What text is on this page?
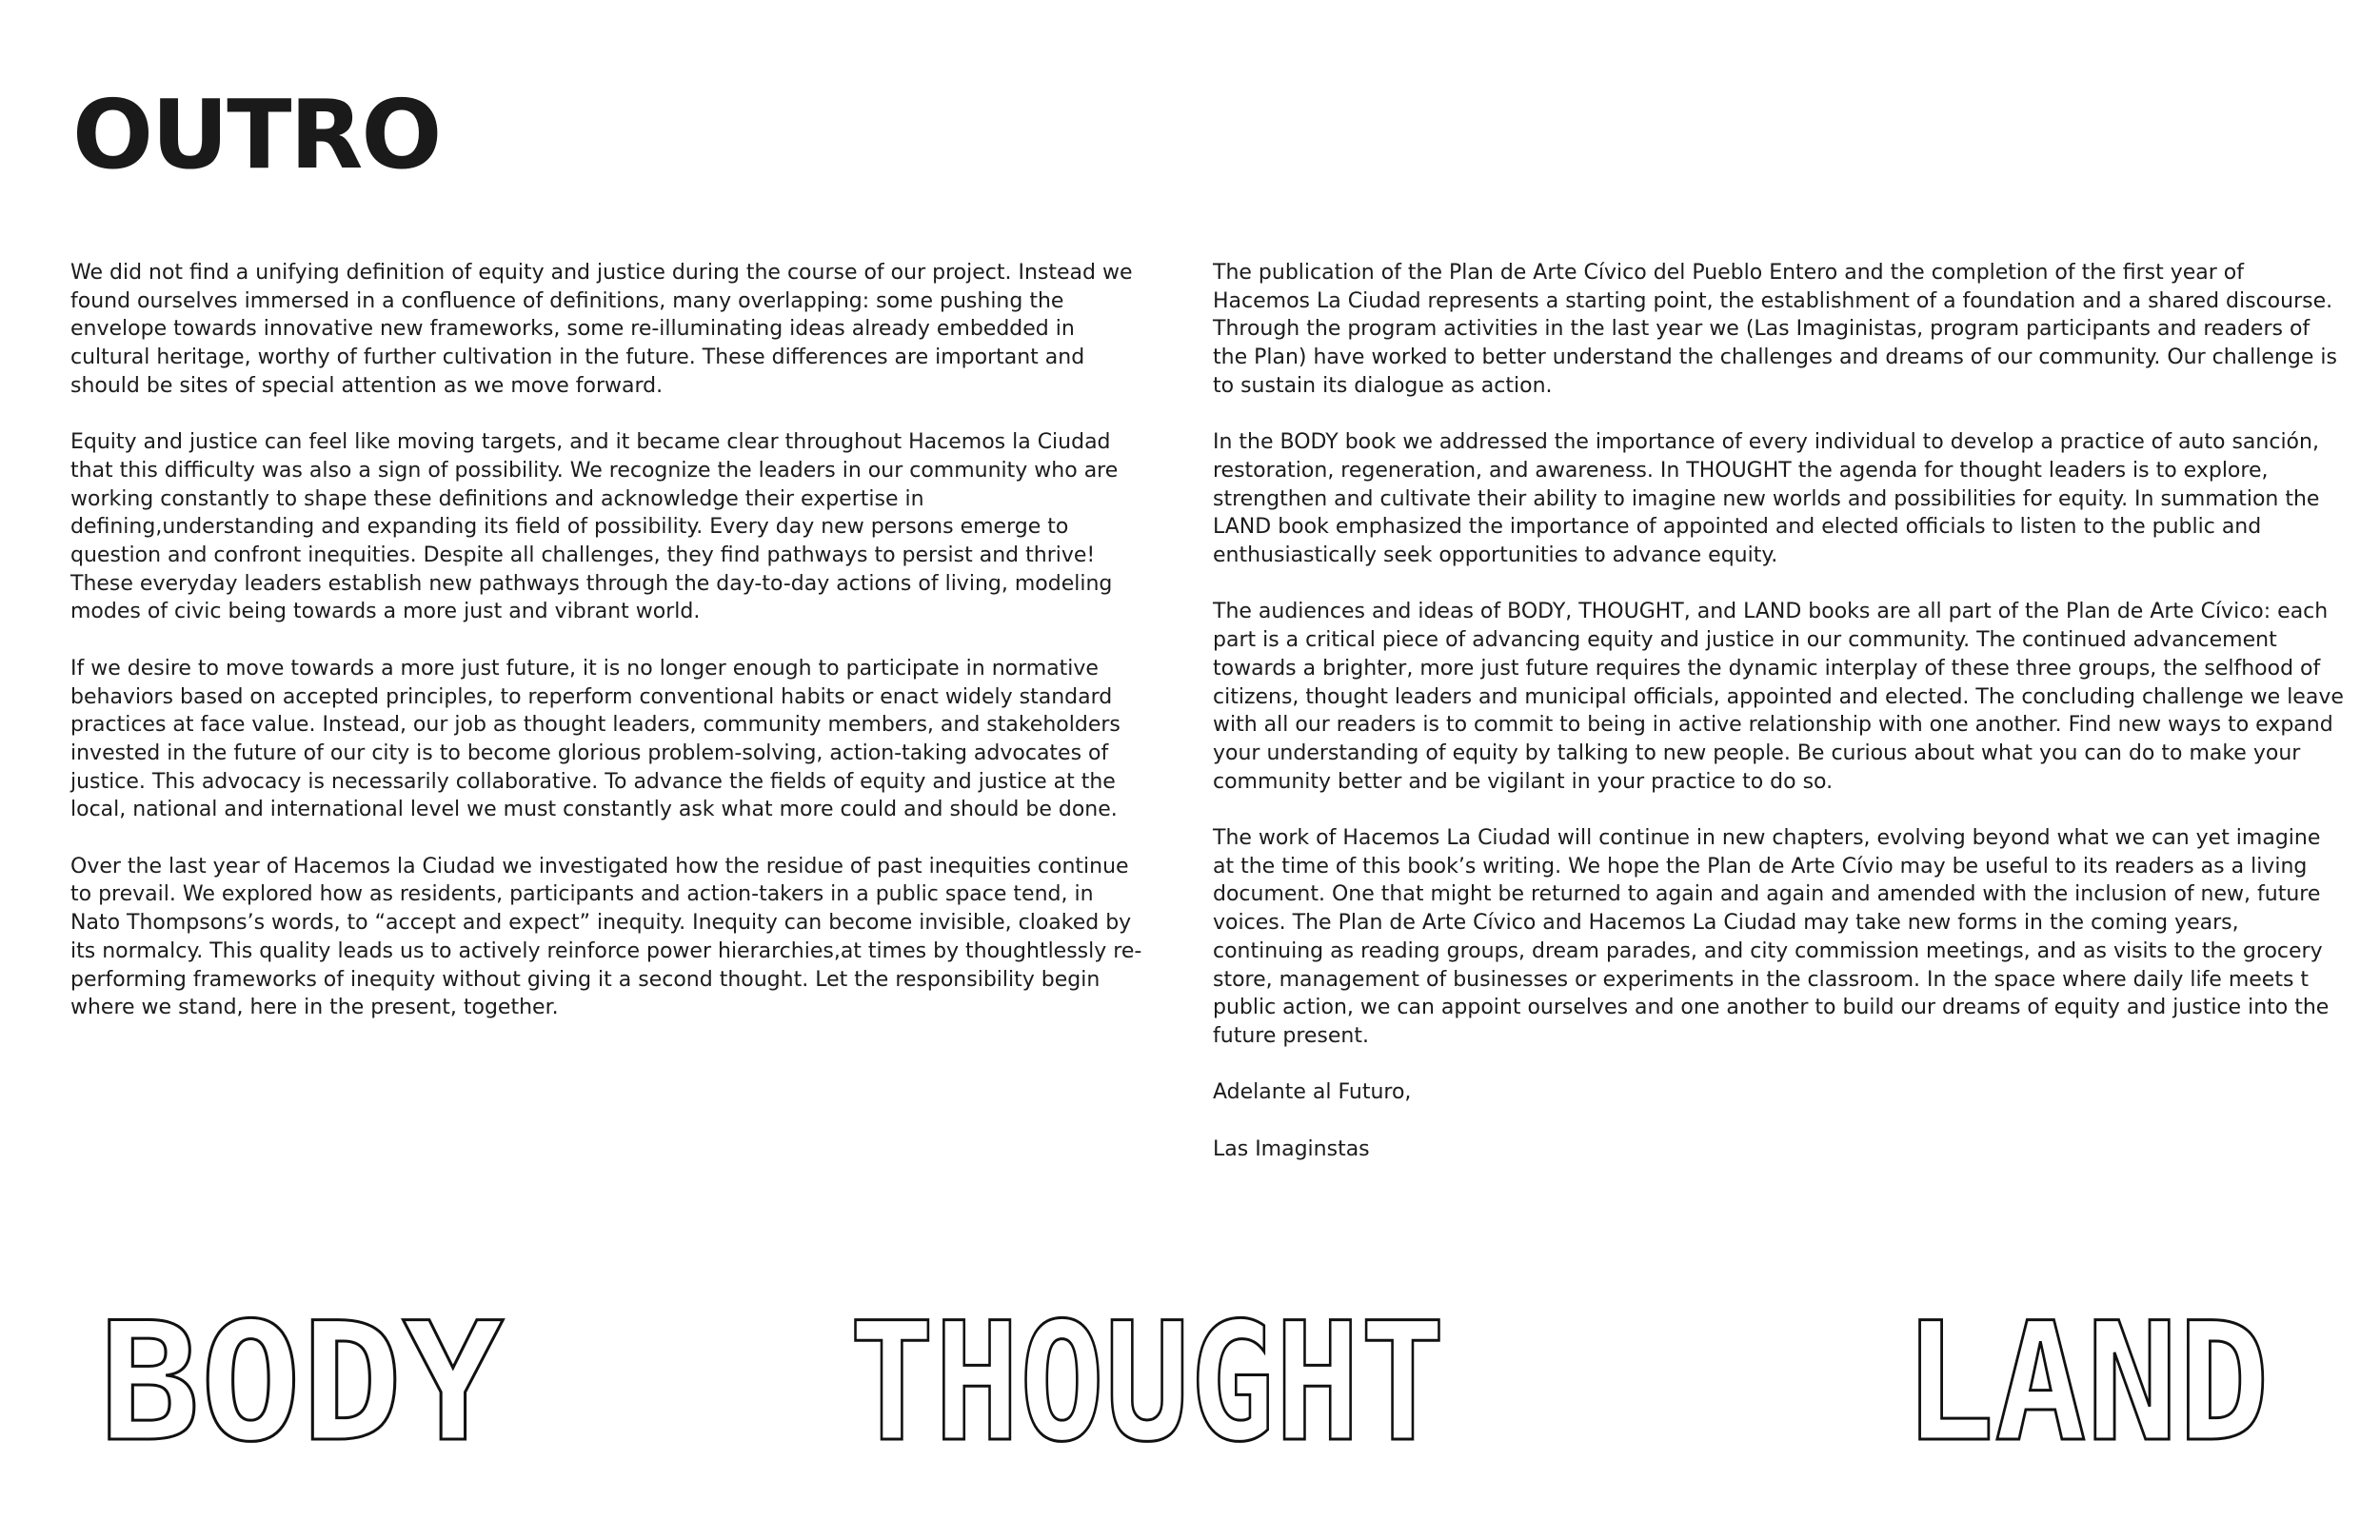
OUTRO

We did not find a unifying definition of equity and justice during the course of our project. Instead we found ourselves immersed in a confluence of definitions, many overlapping: some pushing the envelope towards innovative new frameworks, some re-illuminating ideas already embedded in cultural heritage, worthy of further cultivation in the future. These differences are important and should be sites of special attention as we move forward.

Equity and justice can feel like moving targets, and it became clear throughout Hacemos la Ciudad that this difficulty was also a sign of possibility. We recognize the leaders in our community who are working constantly to shape these definitions and acknowledge their expertise in defining,understanding and expanding its field of possibility. Every day new persons emerge to question and confront inequities. Despite all challenges, they find pathways to persist and thrive! These everyday leaders establish new pathways through the day-to-day actions of living, modeling modes of civic being towards a more just and vibrant world.

If we desire to move towards a more just future, it is no longer enough to participate in normative behaviors based on accepted principles, to reperform conventional habits or enact widely standard practices at face value. Instead, our job as thought leaders, community members, and stakeholders invested in the future of our city is to become glorious problem-solving, action-taking advocates of justice. This advocacy is necessarily collaborative. To advance the fields of equity and justice at the local, national and international level we must constantly ask what more could and should be done.

Over the last year of Hacemos la Ciudad we investigated how the residue of past inequities continue to prevail. We explored how as residents, participants and action-takers in a public space tend, in Nato Thompsons’s words, to “accept and expect” inequity. Inequity can become invisible, cloaked by its normalcy. This quality leads us to actively reinforce power hierarchies,at times by thoughtlessly re-performing frameworks of inequity without giving it a second thought. Let the responsibility begin where we stand, here in the present, together.

The publication of the Plan de Arte Cívico del Pueblo Entero and the completion of the first year of Hacemos La Ciudad represents a starting point, the establishment of a foundation and a shared discourse. Through the program activities in the last year we (Las Imaginistas, program participants and readers of the Plan) have worked to better understand the challenges and dreams of our community. Our challenge is to sustain its dialogue as action.

In the BODY book we addressed the importance of every individual to develop a practice of auto sanción, restoration, regeneration, and awareness. In THOUGHT the agenda for thought leaders is to explore, strengthen and cultivate their ability to imagine new worlds and possibilities for equity. In summation the LAND book emphasized the importance of appointed and elected officials to listen to the public and enthusiastically seek opportunities to advance equity.

The audiences and ideas of BODY, THOUGHT, and LAND books are all part of the Plan de Arte Cívico: each part is a critical piece of advancing equity and justice in our community. The continued advancement towards a brighter, more just future requires the dynamic interplay of these three groups, the selfhood of citizens, thought leaders and municipal officials, appointed and elected. The concluding challenge we leave with all our readers is to commit to being in active relationship with one another. Find new ways to expand your understanding of equity by talking to new people. Be curious about what you can do to make your community better and be vigilant in your practice to do so.

The work of Hacemos La Ciudad will continue in new chapters, evolving beyond what we can yet imagine at the time of this book’s writing. We hope the Plan de Arte Cívio may be useful to its readers as a living document. One that might be returned to again and again and amended with the inclusion of new, future voices. The Plan de Arte Cívico and Hacemos La Ciudad may take new forms in the coming years, continuing as reading groups, dream parades, and city commission meetings, and as visits to the grocery store, management of businesses or experiments in the classroom. In the space where daily life meets t public action, we can appoint ourselves and one another to build our dreams of equity and justice into the future present.

Adelante al Futuro,

Las Imaginstas

BODY THOUGHT	LAND
